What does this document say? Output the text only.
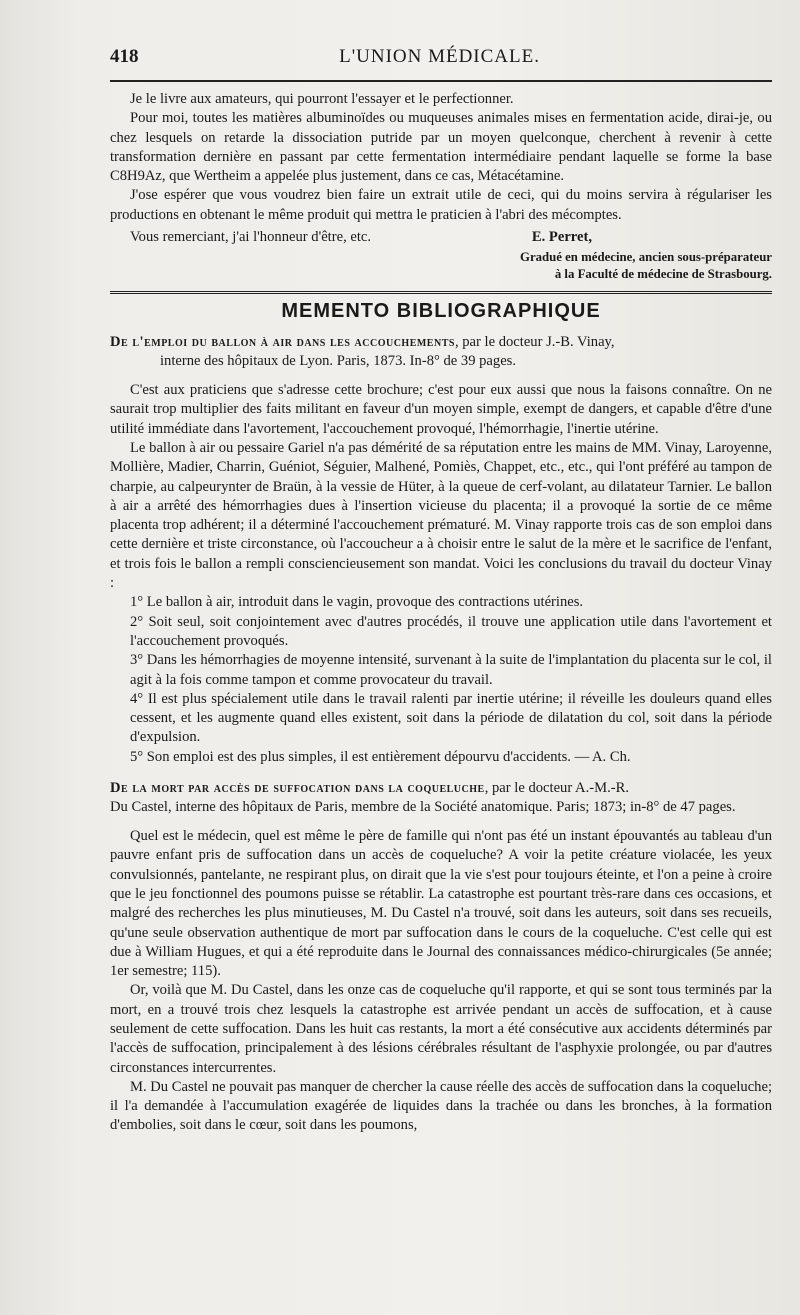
418	L'UNION MÉDICALE.

Je le livre aux amateurs, qui pourront l'essayer et le perfectionner.

Pour moi, toutes les matières albuminoïdes ou muqueuses animales mises en fermentation acide, dirai-je, ou chez lesquels on retarde la dissociation putride par un moyen quelconque, cherchent à revenir à cette transformation dernière en passant par cette fermentation intermédiaire pendant laquelle se forme la base C8H9Az, que Wertheim a appelée plus justement, dans ce cas, Métacétamine.

J'ose espérer que vous voudrez bien faire un extrait utile de ceci, qui du moins servira à régulariser les productions en obtenant le même produit qui mettra le praticien à l'abri des mécomptes.

Vous remerciant, j'ai l'honneur d'être, etc.	E. Perret,
Gradué en médecine, ancien sous-préparateur
à la Faculté de médecine de Strasbourg.
MEMENTO BIBLIOGRAPHIQUE
De l'emploi du ballon à air dans les accouchements, par le docteur J.-B. Vinay,
interne des hôpitaux de Lyon. Paris, 1873. In-8° de 39 pages.

C'est aux praticiens que s'adresse cette brochure; c'est pour eux aussi que nous la faisons connaître. On ne saurait trop multiplier des faits militant en faveur d'un moyen simple, exempt de dangers, et capable d'être d'une utilité immédiate dans l'avortement, l'accouchement provoqué, l'hémorrhagie, l'inertie utérine.

Le ballon à air ou pessaire Gariel n'a pas démérité de sa réputation entre les mains de MM. Vinay, Laroyenne, Mollière, Madier, Charrin, Guéniot, Séguier, Malhené, Pomiès, Chappet, etc., etc., qui l'ont préféré au tampon de charpie, au calpeurynter de Braün, à la vessie de Hüter, à la queue de cerf-volant, au dilatateur Tarnier. Le ballon à air a arrêté des hémorrhagies dues à l'insertion vicieuse du placenta; il a provoqué la sortie de ce même placenta trop adhérent; il a déterminé l'accouchement prématuré. M. Vinay rapporte trois cas de son emploi dans cette dernière et triste circonstance, où l'accoucheur a à choisir entre le salut de la mère et le sacrifice de l'enfant, et trois fois le ballon a rempli consciencieusement son mandat. Voici les conclusions du travail du docteur Vinay :

1° Le ballon à air, introduit dans le vagin, provoque des contractions utérines.

2° Soit seul, soit conjointement avec d'autres procédés, il trouve une application utile dans l'avortement et l'accouchement provoqués.

3° Dans les hémorrhagies de moyenne intensité, survenant à la suite de l'implantation du placenta sur le col, il agit à la fois comme tampon et comme provocateur du travail.

4° Il est plus spécialement utile dans le travail ralenti par inertie utérine; il réveille les douleurs quand elles cessent, et les augmente quand elles existent, soit dans la période de dilatation du col, soit dans la période d'expulsion.

5° Son emploi est des plus simples, il est entièrement dépourvu d'accidents. — A. Ch.

De la mort par accès de suffocation dans la coqueluche, par le docteur A.-M.-R.
Du Castel, interne des hôpitaux de Paris, membre de la Société anatomique. Paris; 1873; in-8° de 47 pages.

Quel est le médecin, quel est même le père de famille qui n'ont pas été un instant épouvantés au tableau d'un pauvre enfant pris de suffocation dans un accès de coqueluche? A voir la petite créature violacée, les yeux convulsionnés, pantelante, ne respirant plus, on dirait que la vie s'est pour toujours éteinte, et l'on a peine à croire que le jeu fonctionnel des poumons puisse se rétablir. La catastrophe est pourtant très-rare dans ces occasions, et malgré des recherches les plus minutieuses, M. Du Castel n'a trouvé, soit dans les auteurs, soit dans ses recueils, qu'une seule observation authentique de mort par suffocation dans le cours de la coqueluche. C'est celle qui est due à William Hugues, et qui a été reproduite dans le Journal des connaissances médico-chirurgicales (5e année; 1er semestre; 115).

Or, voilà que M. Du Castel, dans les onze cas de coqueluche qu'il rapporte, et qui se sont tous terminés par la mort, en a trouvé trois chez lesquels la catastrophe est arrivée pendant un accès de suffocation, et à cause seulement de cette suffocation. Dans les huit cas restants, la mort a été consécutive aux accidents déterminés par l'accès de suffocation, principalement à des lésions cérébrales résultant de l'asphyxie prolongée, ou par d'autres circonstances intercurrentes.

M. Du Castel ne pouvait pas manquer de chercher la cause réelle des accès de suffocation dans la coqueluche; il l'a demandée à l'accumulation exagérée de liquides dans la trachée ou dans les bronches, à la formation d'embolies, soit dans le cœur, soit dans les poumons,
